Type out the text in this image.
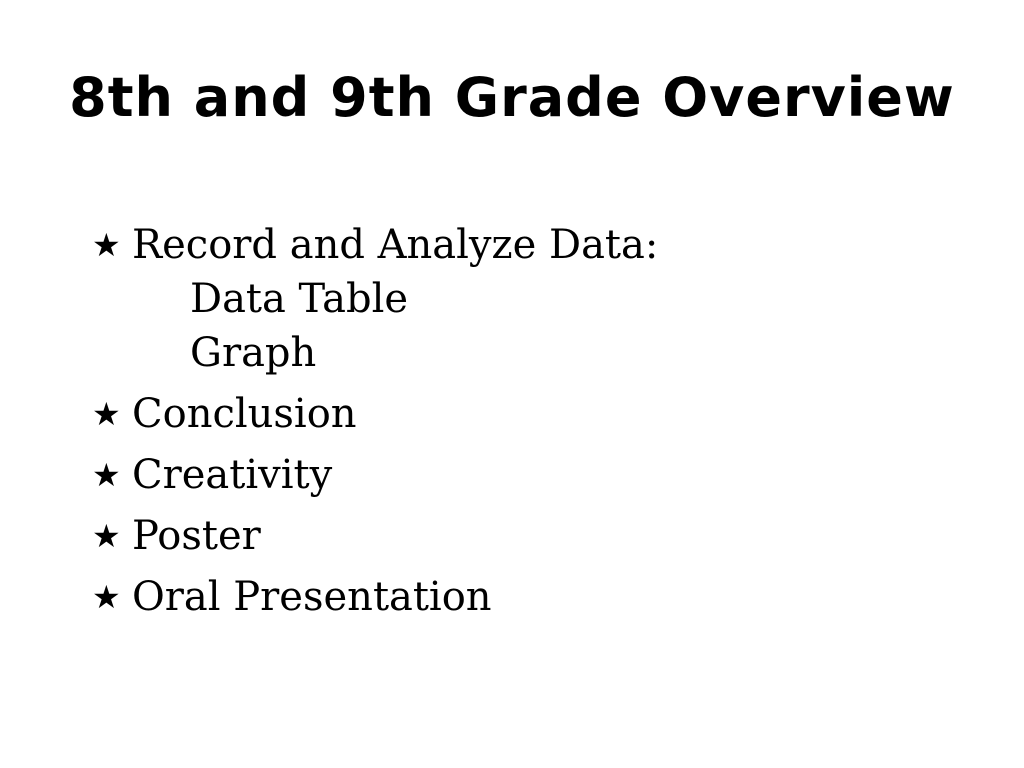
8th and 9th Grade Overview
★ Record and Analyze Data:
Data Table
Graph
★ Conclusion
★ Creativity
★ Poster
★ Oral Presentation
